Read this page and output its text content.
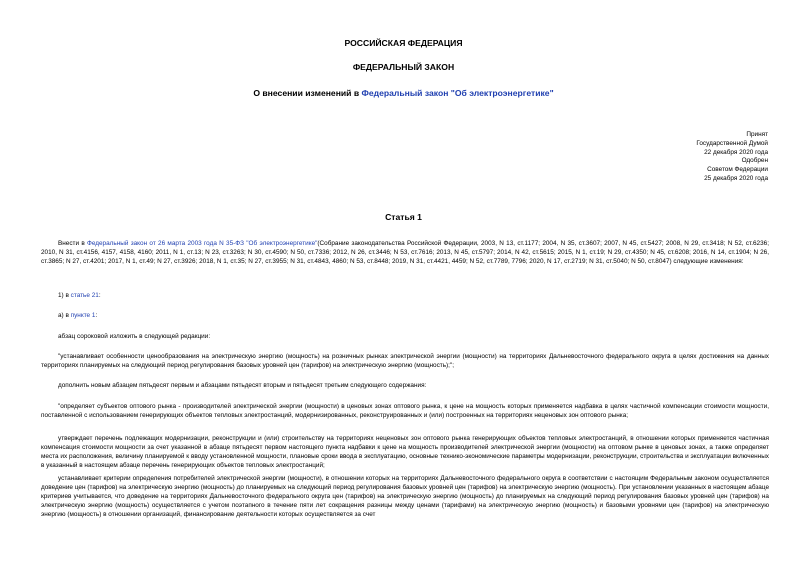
РОССИЙСКАЯ ФЕДЕРАЦИЯ
ФЕДЕРАЛЬНЫЙ ЗАКОН
О внесении изменений в Федеральный закон "Об электроэнергетике"
Принят
Государственной Думой
22 декабря 2020 года
Одобрен
Советом Федерации
25 декабря 2020 года
Статья 1
Внести в Федеральный закон от 26 марта 2003 года N 35-ФЗ "Об электроэнергетике"(Собрание законодательства Российской Федерации, 2003, N 13, ст.1177; 2004, N 35, ст.3607; 2007, N 45, ст.5427; 2008, N 29, ст.3418; N 52, ст.6236; 2010, N 31, ст.4156, 4157, 4158, 4160; 2011, N 1, ст.13; N 23, ст.3263; N 30, ст.4590; N 50, ст.7336; 2012, N 26, ст.3446; N 53, ст.7616; 2013, N 45, ст.5797; 2014, N 42, ст.5615; 2015, N 1, ст.19; N 29, ст.4350; N 45, ст.6208; 2016, N 14, ст.1904; N 26, ст.3865; N 27, ст.4201; 2017, N 1, ст.49; N 27, ст.3926; 2018, N 1, ст.35; N 27, ст.3955; N 31, ст.4843, 4860; N 53, ст.8448; 2019, N 31, ст.4421, 4459; N 52, ст.7789, 7796; 2020, N 17, ст.2719; N 31, ст.5040; N 50, ст.8047) следующие изменения:
1) в статье 21:
а) в пункте 1:
абзац сороковой изложить в следующей редакции:
"устанавливает особенности ценообразования на электрическую энергию (мощность) на розничных рынках электрической энергии (мощности) на территориях Дальневосточного федерального округа в целях достижения на данных территориях планируемых на следующий период регулирования базовых уровней цен (тарифов) на электрическую энергию (мощность);";
дополнить новым абзацем пятьдесят первым и абзацами пятьдесят вторым и пятьдесят третьим следующего содержания:
"определяет субъектов оптового рынка - производителей электрической энергии (мощности) в ценовых зонах оптового рынка, к цене на мощность которых применяется надбавка в целях частичной компенсации стоимости мощности, поставленной с использованием генерирующих объектов тепловых электростанций, модернизированных, реконструированных и (или) построенных на территориях неценовых зон оптового рынка;
утверждает перечень подлежащих модернизации, реконструкции и (или) строительству на территориях неценовых зон оптового рынка генерирующих объектов тепловых электростанций, в отношении которых применяется частичная компенсация стоимости мощности за счет указанной в абзаце пятьдесят первом настоящего пункта надбавки к цене на мощность производителей электрической энергии (мощности) на оптовом рынке в ценовых зонах, а также определяет места их расположения, величину планируемой к вводу установленной мощности, плановые сроки ввода в эксплуатацию, основные технико-экономические параметры модернизации, реконструкции, строительства и эксплуатации включенных в указанный в настоящем абзаце перечень генерирующих объектов тепловых электростанций;
устанавливает критерии определения потребителей электрической энергии (мощности), в отношении которых на территориях Дальневосточного федерального округа в соответствии с настоящим Федеральным законом осуществляется доведение цен (тарифов) на электрическую энергию (мощность) до планируемых на следующий период регулирования базовых уровней цен (тарифов) на электрическую энергию (мощность). При установлении указанных в настоящем абзаце критериев учитывается, что доведение на территориях Дальневосточного федерального округа цен (тарифов) на электрическую энергию (мощность) до планируемых на следующий период регулирования базовых уровней цен (тарифов) на электрическую энергию (мощность) осуществляется с учетом поэтапного в течение пяти лет сокращения разницы между ценами (тарифами) на электрическую энергию (мощность) и базовыми уровнями цен (тарифов) на электрическую энергию (мощность) в отношении организаций, финансирование деятельности которых осуществляется за счет
